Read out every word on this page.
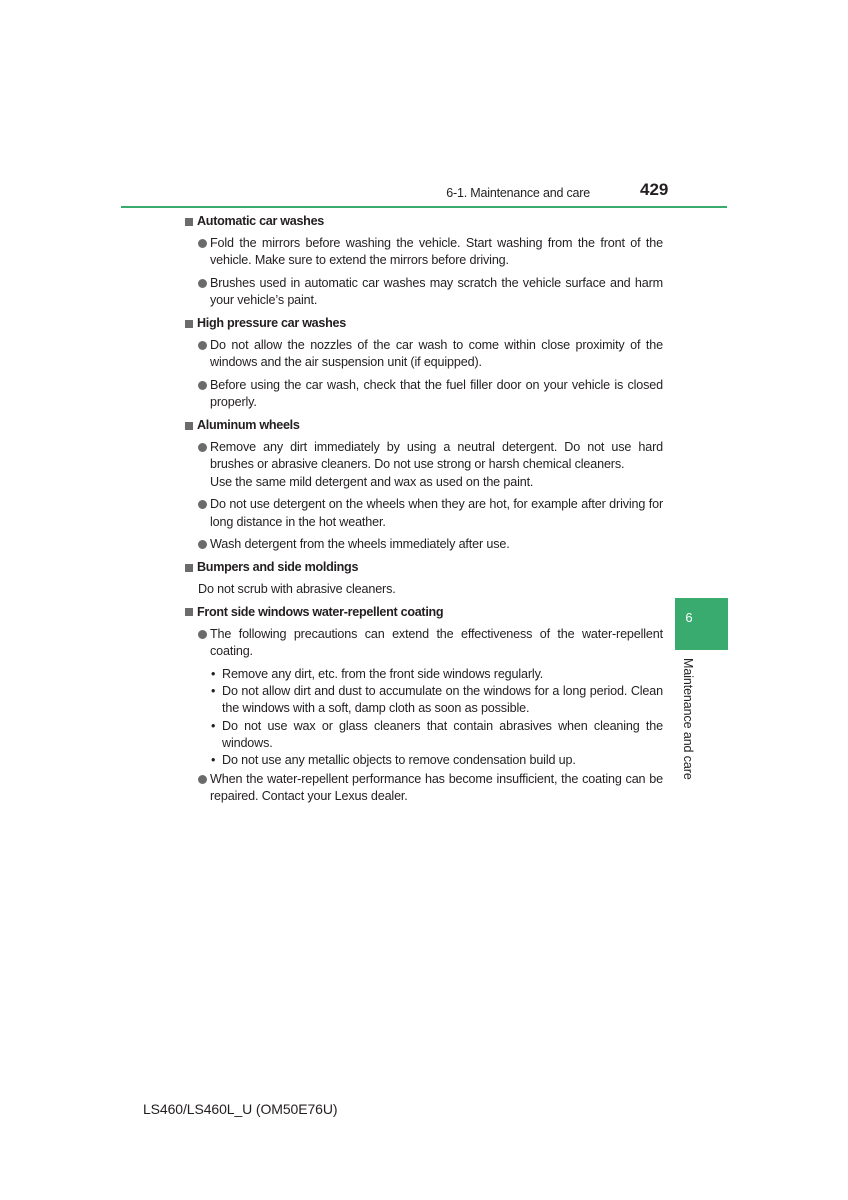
6-1. Maintenance and care	429
Automatic car washes

Fold the mirrors before washing the vehicle. Start washing from the front of the vehicle. Make sure to extend the mirrors before driving.

Brushes used in automatic car washes may scratch the vehicle surface and harm your vehicle’s paint.

High pressure car washes

Do not allow the nozzles of the car wash to come within close proximity of the windows and the air suspension unit (if equipped).

Before using the car wash, check that the fuel filler door on your vehicle is closed properly.

Aluminum wheels

Remove any dirt immediately by using a neutral detergent. Do not use hard brushes or abrasive cleaners. Do not use strong or harsh chemical cleaners.

Use the same mild detergent and wax as used on the paint.

Do not use detergent on the wheels when they are hot, for example after driving for long distance in the hot weather.

Wash detergent from the wheels immediately after use.

Bumpers and side moldings

Do not scrub with abrasive cleaners.

Front side windows water-repellent coating

The following precautions can extend the effectiveness of the water-repellent coating.

• Remove any dirt, etc. from the front side windows regularly.
• Do not allow dirt and dust to accumulate on the windows for a long period. Clean the windows with a soft, damp cloth as soon as possible.
• Do not use wax or glass cleaners that contain abrasives when cleaning the windows.
• Do not use any metallic objects to remove condensation build up.

When the water-repellent performance has become insufficient, the coating can be repaired. Contact your Lexus dealer.

6
Maintenance and care
LS460/LS460L_U (OM50E76U)
